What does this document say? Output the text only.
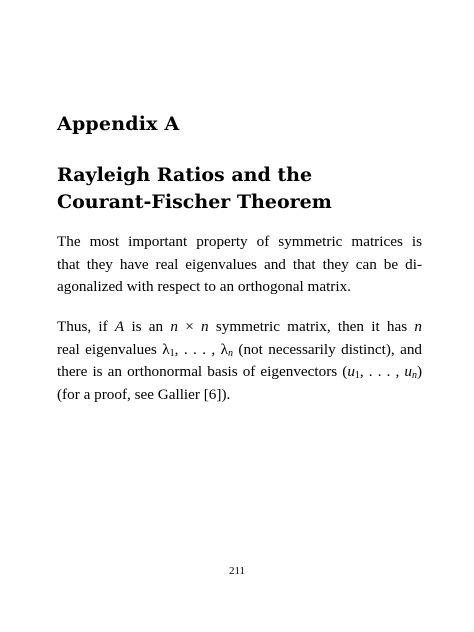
Appendix A
Rayleigh Ratios and the
Courant-Fischer Theorem
The most important property of symmetric matrices is
that they have real eigenvalues and that they can be di-
agonalized with respect to an orthogonal matrix.
Thus, if A is an n × n symmetric matrix, then it has n
real eigenvalues $\lambda_1$, . . . , $\lambda_n$ (not necessarily distinct), and
there is an orthonormal basis of eigenvectors ($u_1$, . . . , $u_n$)
(for a proof, see Gallier [6]).
211
